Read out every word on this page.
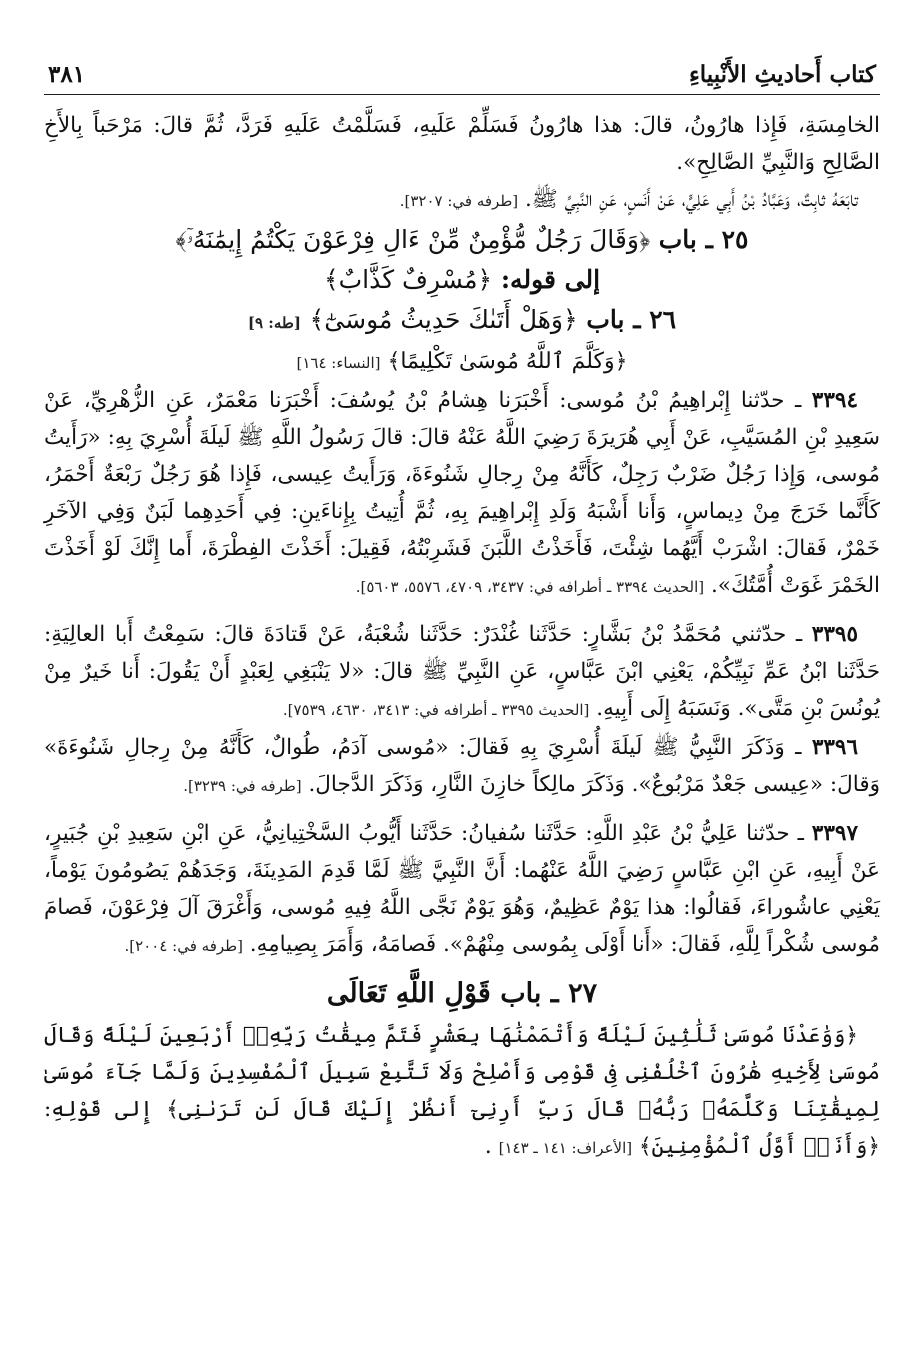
كتاب أَحاديثِ الأَنْبِياءِ
٣٨١

الخامِسَةِ، فَإِذا هارُونُ، قالَ: هذا هارُونُ فَسَلِّمْ عَلَيهِ، فَسَلَّمْتُ عَلَيهِ فَرَدَّ، ثُمَّ قالَ: مَرْحَباً بِالأَخِ الصَّالِحِ وَالنَّبِيِّ الصَّالِحِ».

تابَعَهُ ثابِتٌ، وَعَبَّادُ بْنُ أَبِي عَلِيٍّ، عَنْ أَنَسٍ، عَنِ النَّبِيِّ ﷺ. [طرفه في: ٣٢٠٧].

٢٥ ـ باب ﴿وَقَالَ رَجُلٌ مُّؤْمِنٌ مِّنْ ءَالِ فِرْعَوْنَ يَكْتُمُ إِيمَٰنَهُۥٓ﴾

إلى قوله: ﴿مُسْرِفٌ كَذَّابٌ﴾

٢٦ ـ باب ﴿وَهَلْ أَتَىٰكَ حَدِيثُ مُوسَىٰٓ﴾ [طه: ٩]

﴿وَكَلَّمَ ٱللَّهُ مُوسَىٰ تَكْلِيمًا﴾ [النساء: ١٦٤]

٣٣٩٤ ـ حدّثنا إِبْراهِيمُ بْنُ مُوسى: أَخْبَرَنا هِشامُ بْنُ يُوسُفَ: أَخْبَرَنا مَعْمَرٌ، عَنِ الزُّهْرِيِّ، عَنْ سَعِيدِ بْنِ المُسَيَّبِ، عَنْ أَبِي هُرَيرَةَ رَضِيَ اللَّهُ عَنْهُ قالَ: قالَ رَسُولُ اللَّهِ ﷺ لَيلَةَ أُسْرِيَ بِهِ: «رَأَيتُ مُوسى، وَإِذا رَجُلٌ ضَرْبٌ رَجِلٌ، كَأَنَّهُ مِنْ رِجالِ شَنُوءَةَ، وَرَأَيتُ عِيسى، فَإِذا هُوَ رَجُلٌ رَبْعَةٌ أَحْمَرُ، كَأَنَّما خَرَجَ مِنْ دِيماسٍ، وَأَنا أَشْبَهُ وَلَدِ إِبْراهِيمَ بِهِ، ثُمَّ أُتِيتُ بِإِناءَينِ: فِي أَحَدِهِما لَبَنٌ وَفِي الآخَرِ خَمْرٌ، فَقالَ: اشْرَبْ أَيَّهُما شِئْتَ، فَأَخَذْتُ اللَّبَنَ فَشَرِبْتُهُ، فَقِيلَ: أَخَذْتَ الفِطْرَةَ، أَما إِنَّكَ لَوْ أَخَذْتَ الخَمْرَ غَوَتْ أُمَّتُكَ». [الحديث ٣٣٩٤ ـ أطرافه في: ٣٤٣٧، ٤٧٠٩، ٥٥٧٦، ٥٦٠٣].

٣٣٩٥ ـ حدّثني مُحَمَّدُ بْنُ بَشَّارٍ: حَدَّثَنا غُنْدَرٌ: حَدَّثَنا شُعْبَةُ، عَنْ قَتادَةَ قالَ: سَمِعْتُ أَبا العالِيَةِ: حَدَّثَنا ابْنُ عَمِّ نَبِيِّكُمْ، يَعْنِي ابْنَ عَبَّاسٍ، عَنِ النَّبِيِّ ﷺ قالَ: «لا يَنْبَغِي لِعَبْدٍ أَنْ يَقُولَ: أَنا خَيرٌ مِنْ يُونُسَ بْنِ مَتَّى». وَنَسَبَهُ إِلَى أَبِيهِ. [الحديث ٣٣٩٥ ـ أطرافه في: ٣٤١٣، ٤٦٣٠، ٧٥٣٩].

٣٣٩٦ ـ وَذَكَرَ النَّبِيُّ ﷺ لَيلَةَ أُسْرِيَ بِهِ فَقالَ: «مُوسى آدَمُ، طُوالٌ، كَأَنَّهُ مِنْ رِجالِ شَنُوءَةَ» وَقالَ: «عِيسى جَعْدٌ مَرْبُوعٌ». وَذَكَرَ مالِكاً خازِنَ النَّارِ، وَذَكَرَ الدَّجالَ. [طرفه في: ٣٢٣٩].

٣٣٩٧ ـ حدّثنا عَلِيُّ بْنُ عَبْدِ اللَّهِ: حَدَّثَنا سُفيانُ: حَدَّثَنا أَيُّوبُ السَّخْتِيانِيُّ، عَنِ ابْنِ سَعِيدِ بْنِ جُبَيرٍ، عَنْ أَبِيهِ، عَنِ ابْنِ عَبَّاسٍ رَضِيَ اللَّهُ عَنْهُما: أَنَّ النَّبِيَّ ﷺ لَمَّا قَدِمَ المَدِينَةَ، وَجَدَهُمْ يَصُومُونَ يَوْماً، يَعْنِي عاشُوراءَ، فَقالُوا: هذا يَوْمٌ عَظِيمٌ، وَهُوَ يَوْمٌ نَجَّى اللَّهُ فِيهِ مُوسى، وَأَغْرَقَ آلَ فِرْعَوْنَ، فَصامَ مُوسى شُكْراً لِلَّهِ، فَقالَ: «أَنا أَوْلَى بِمُوسى مِنْهُمْ». فَصامَهُ، وَأَمَرَ بِصِيامِهِ. [طرفه في: ٢٠٠٤].

٢٧ ـ باب قَوْلِ اللَّهِ تَعَالَى

﴿وَوَٰعَدْنَا مُوسَىٰ ثَلَٰثِينَ لَيْلَةً وَأَتْمَمْنَٰهَا بِعَشْرٍ فَتَمَّ مِيقَٰتُ رَبِّهِۦٓ أَرْبَعِينَ لَيْلَةً وَقَالَ مُوسَىٰ لِأَخِيهِ هَٰرُونَ ٱخْلُفْنِى فِى قَوْمِى وَأَصْلِحْ وَلَا تَتَّبِعْ سَبِيلَ ٱلْمُفْسِدِينَ وَلَمَّا جَآءَ مُوسَىٰ لِمِيقَٰتِنَا وَكَلَّمَهُۥ رَبُّهُۥ قَالَ رَبِّ أَرِنِىٓ أَنظُرْ إِلَيْكَ قَالَ لَن تَرَىٰنِى﴾ إِلى قَوْلِهِ: ﴿وَأَنَا۠ أَوَّلُ ٱلْمُؤْمِنِينَ﴾ [الأعراف: ١٤١ ـ ١٤٣] .
